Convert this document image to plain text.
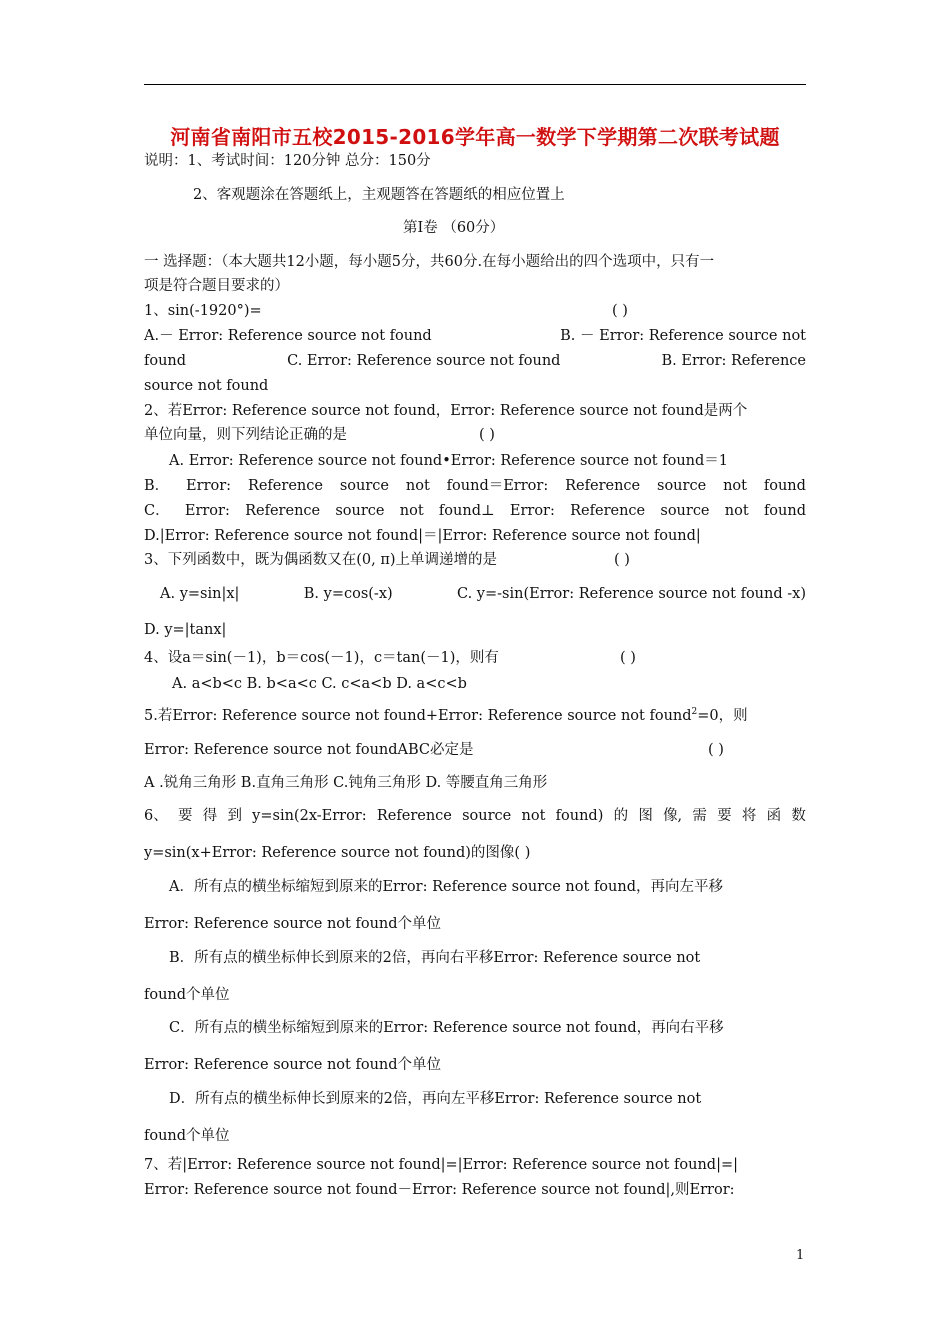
河南省南阳市五校2015-2016学年高一数学下学期第二次联考试题
说明：1、考试时间：120分钟 总分：150分
2、客观题涂在答题纸上，主观题答在答题纸的相应位置上
第Ⅰ卷 （60分）
一 选择题：（本大题共12小题，每小题5分，共60分.在每小题给出的四个选项中，只有一
项是符合题目要求的）
1、sin(-1920°)=	( )
A.－ Error: Reference source not found	B. － Error: Reference source not
found	C. Error: Reference source not found	B. Error: Reference
source not found
2、若Error: Reference source not found，Error: Reference source not found是两个
单位向量，则下列结论正确的是	( )
A. Error: Reference source not found•Error: Reference source not found＝1
B． Error: Reference source not found＝Error: Reference source not found
C． Error: Reference source not found⊥ Error: Reference source not found
D.|Error: Reference source not found|＝|Error: Reference source not found|
3、下列函数中，既为偶函数又在(0, π)上单调递增的是	( )
A. y=sin|x|	B. y=cos(-x)	C. y=-sin(Error: Reference source not found -x)
D. y=|tanx|
4、设a＝sin(－1)，b＝cos(－1)，c＝tan(－1)，则有	( )
A. a<b<c B. b<a<c C. c<a<b D. a<c<b
5.若Error: Reference source not found+Error: Reference source not found$^2$=0，则
Error: Reference source not foundABC必定是	( )
A .锐角三角形 B.直角三角形 C.钝角三角形 D. 等腰直角三角形
6、 要 得 到 y=sin(2x-Error: Reference source not found) 的 图 像, 需 要 将 函 数
y=sin(x+Error: Reference source not found)的图像( )
A．所有点的横坐标缩短到原来的Error: Reference source not found，再向左平移
Error: Reference source not found个单位
B．所有点的横坐标伸长到原来的2倍，再向右平移Error: Reference source not
found个单位
C．所有点的横坐标缩短到原来的Error: Reference source not found，再向右平移
Error: Reference source not found个单位
D．所有点的横坐标伸长到原来的2倍，再向左平移Error: Reference source not
found个单位
7、若|Error: Reference source not found|=|Error: Reference source not found|=|
Error: Reference source not found－Error: Reference source not found|,则Error:
1
